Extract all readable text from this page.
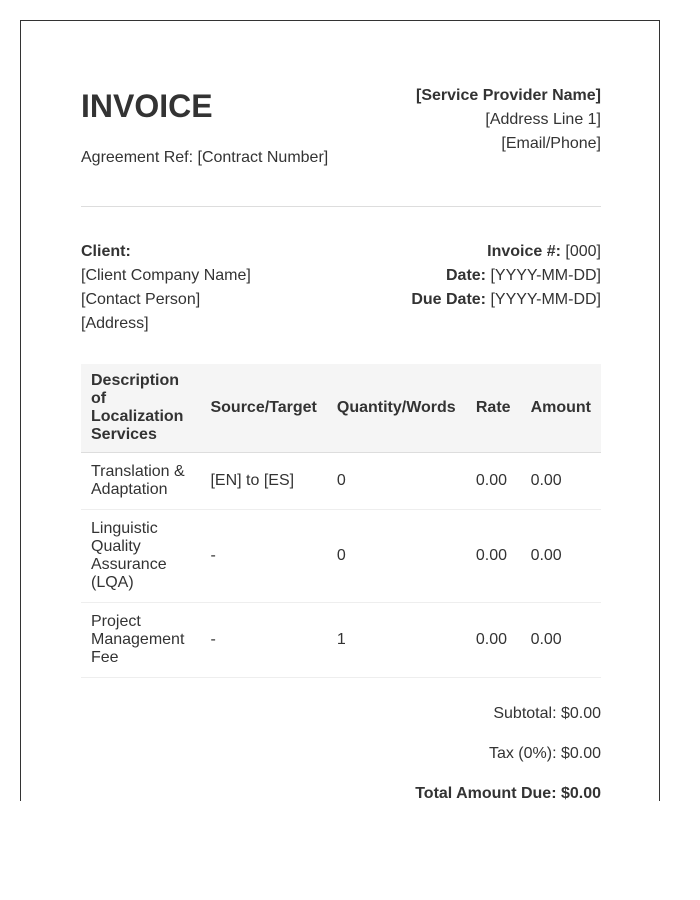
INVOICE
Agreement Ref: [Contract Number]
[Service Provider Name]
[Address Line 1]
[Email/Phone]
Client:
[Client Company Name]
[Contact Person]
[Address]
Invoice #: [000]
Date: [YYYY-MM-DD]
Due Date: [YYYY-MM-DD]
Description of Localization Services	Source/Target	Quantity/Words	Rate	Amount
Translation & Adaptation	[EN] to [ES]	0	0.00	0.00
Linguistic Quality Assurance (LQA)	-	0	0.00	0.00
Project Management Fee	-	1	0.00	0.00
Subtotal: $0.00
Tax (0%): $0.00
Total Amount Due: $0.00
